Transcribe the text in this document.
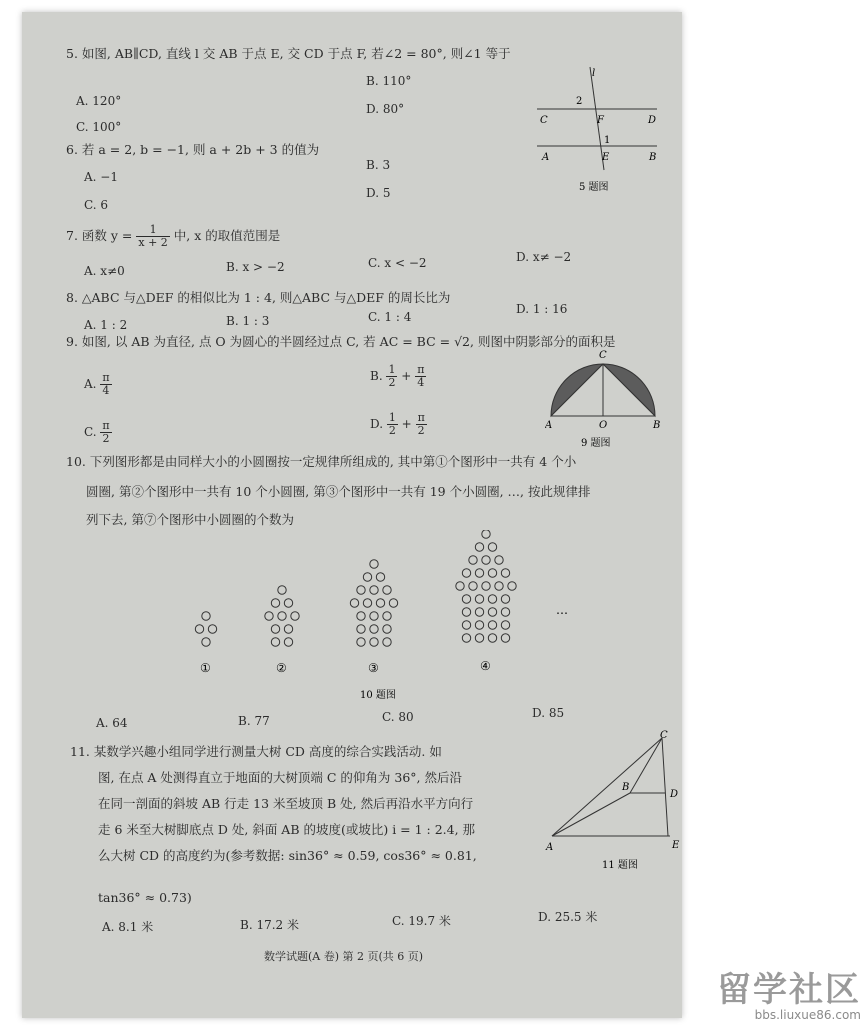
5. 如图, AB∥CD, 直线 l 交 AB 于点 E, 交 CD 于点 F, 若∠2 = 80°, 则∠1 等于
A. 120°
B. 110°
C. 100°
D. 80°
l
2
C	F	D
1
A	E	B
5 题图
6. 若 a = 2, b = −1, 则 a + 2b + 3 的值为
A. −1
B. 3
C. 6
D. 5
7. 函数 $y = \frac{1}{x + 2}$ 中, x 的取值范围是
A. x≠0	B. x > −2	C. x < −2	D. x≠ −2
8. △ABC 与△DEF 的相似比为 1 : 4, 则△ABC 与△DEF 的周长比为
A. 1 : 2	B. 1 : 3	C. 1 : 4
D. 1 : 16
9. 如图, 以 AB 为直径, 点 O 为圆心的半圆经过点 C, 若 AC = BC = √2, 则图中阴影部分的面积是
A. $\frac{\pi}{4}$	B. $\frac{1}{2} + \frac{\pi}{4}$
C. $\frac{\pi}{2}$	D. $\frac{1}{2} + \frac{\pi}{2}$
C
A	O	B
9 题图
10. 下列图形都是由同样大小的小圆圈按一定规律所组成的, 其中第①个图形中一共有 4 个小
圆圈, 第②个图形中一共有 10 个小圆圈, 第③个图形中一共有 19 个小圆圈, …, 按此规律排
列下去, 第⑦个图形中小圆圈的个数为
①	②	③	④
…
10 题图
A. 64	B. 77	C. 80	D. 85
11. 某数学兴趣小组同学进行测量大树 CD 高度的综合实践活动. 如
图, 在点 A 处测得直立于地面的大树顶端 C 的仰角为 36°, 然后沿
在同一剖面的斜坡 AB 行走 13 米至坡顶 B 处, 然后再沿水平方向行
走 6 米至大树脚底点 D 处, 斜面 AB 的坡度(或坡比) i = 1 : 2.4, 那
么大树 CD 的高度约为(参考数据: sin36° ≈ 0.59, cos36° ≈ 0.81,
tan36° ≈ 0.73)
C
B
D
A	E
11 题图
A. 8.1 米	B. 17.2 米	C. 19.7 米	D. 25.5 米
数学试题(A 卷) 第 2 页(共 6 页)
留学社区
bbs.liuxue86.com
